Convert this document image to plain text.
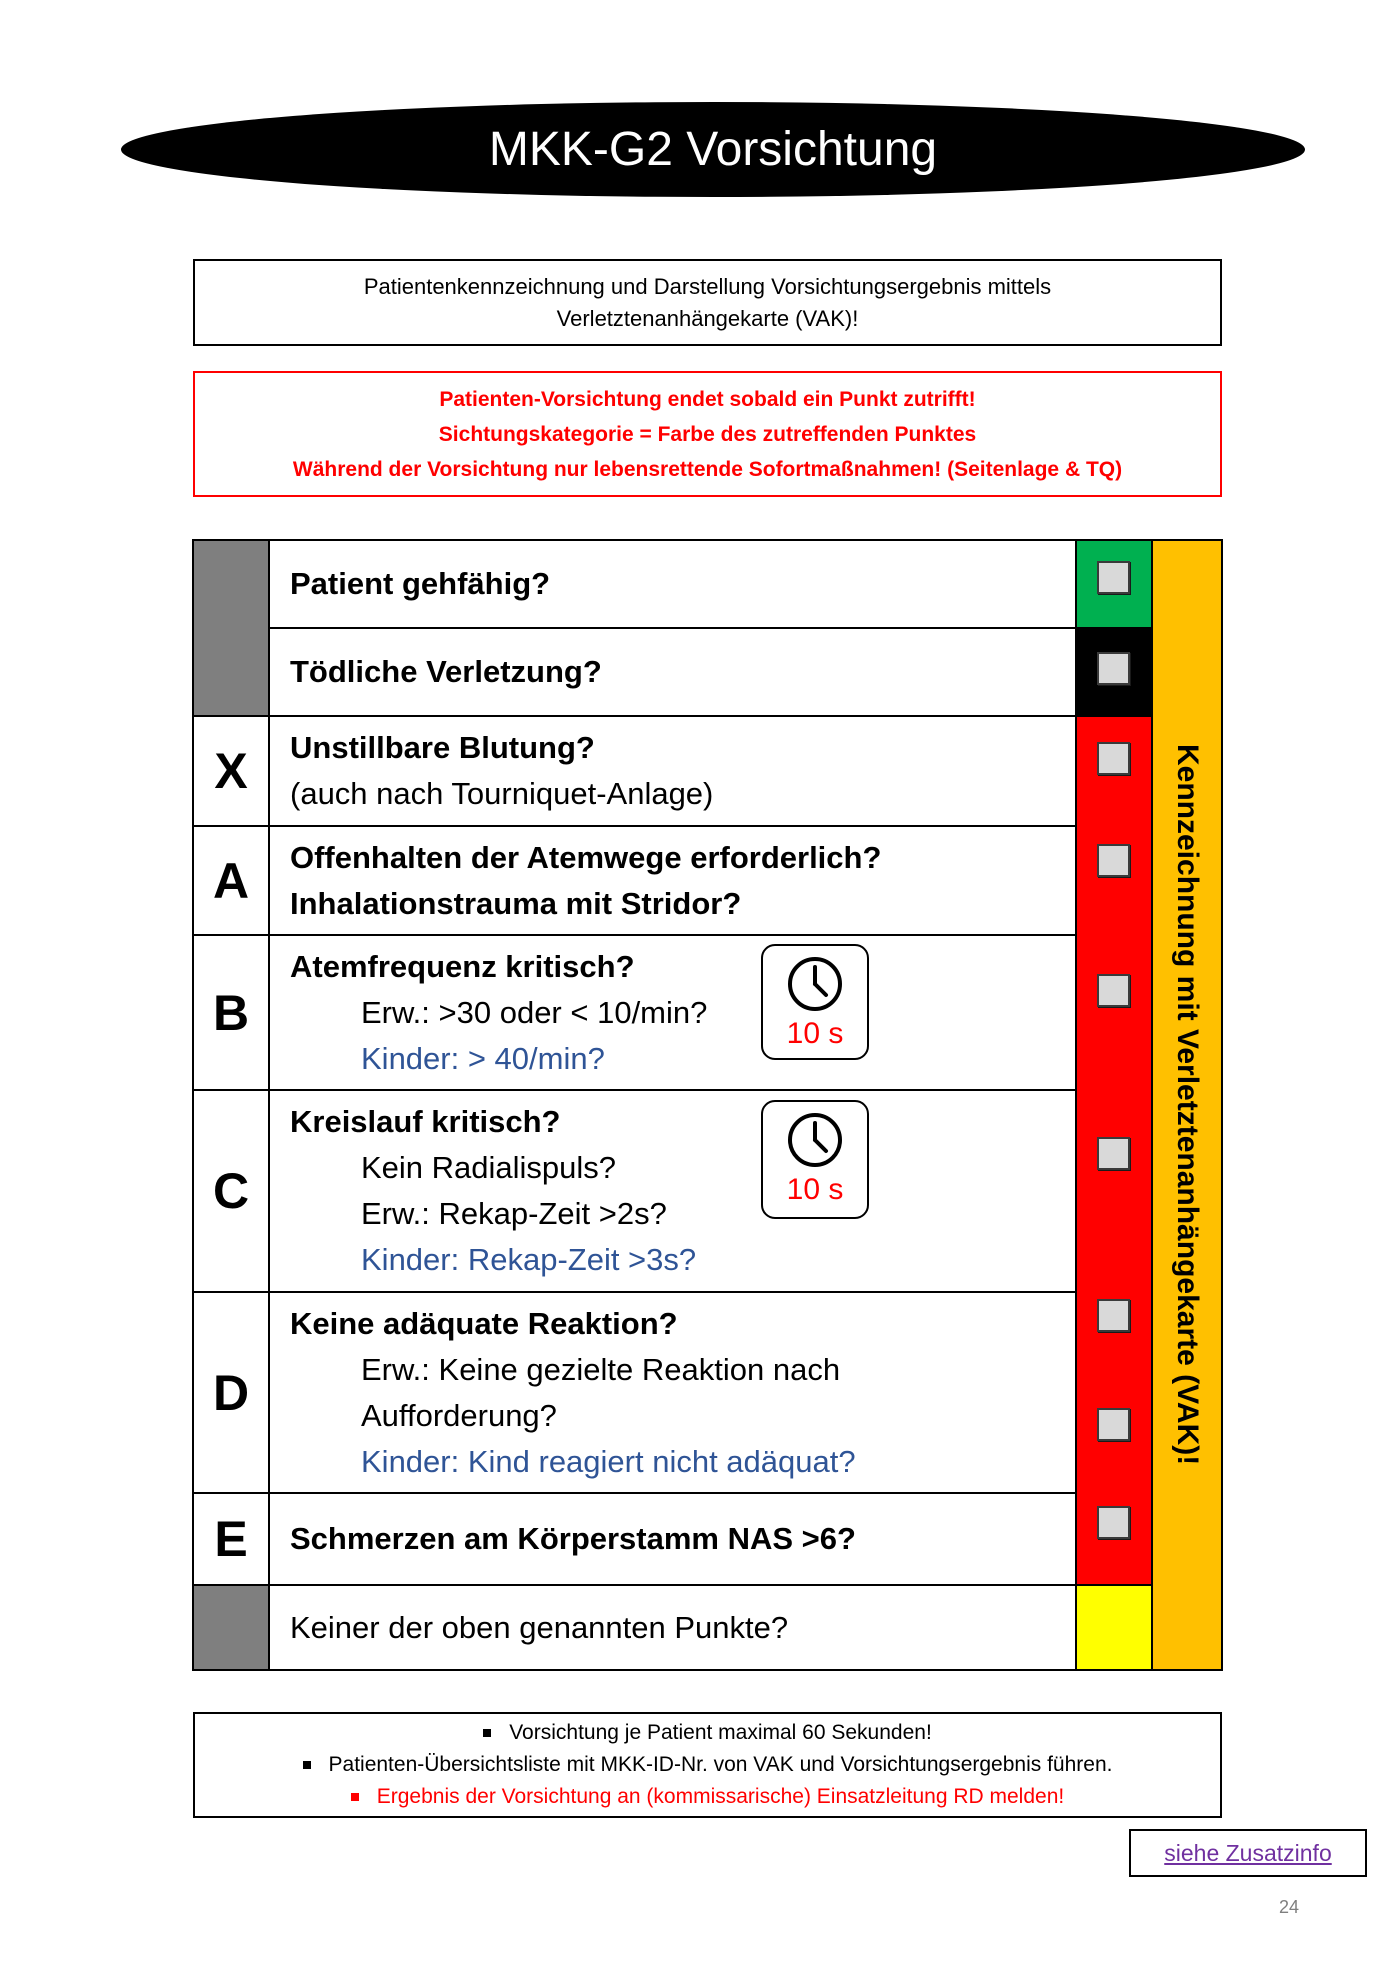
MKK-G2 Vorsichtung
Patientenkennzeichnung und Darstellung Vorsichtungsergebnis mittels
Verletztenanhängekarte (VAK)!
Patienten-Vorsichtung endet sobald ein Punkt zutrifft!
Sichtungskategorie = Farbe des zutreffenden Punktes
Während der Vorsichtung nur lebensrettende Sofortmaßnahmen! (Seitenlage & TQ)
X
A
B
C
D
E
Patient gehfähig?
Tödliche Verletzung?
Unstillbare Blutung?
(auch nach Tourniquet-Anlage)
Offenhalten der Atemwege erforderlich?
Inhalationstrauma mit Stridor?
Atemfrequenz kritisch?
Erw.: >30 oder < 10/min?
Kinder: > 40/min?
Kreislauf kritisch?
Kein Radialispuls?
Erw.: Rekap-Zeit >2s?
Kinder: Rekap-Zeit >3s?
Keine adäquate Reaktion?
Erw.: Keine gezielte Reaktion nach
Aufforderung?
Kinder: Kind reagiert nicht adäquat?
Schmerzen am Körperstamm NAS >6?
Keiner der oben genannten Punkte?
10 s
10 s	Kennzeichnung mit Verletztenanhängekarte (VAK)!
Vorsichtung je Patient maximal 60 Sekunden!
Patienten-Übersichtsliste mit MKK-ID-Nr. von VAK und Vorsichtungsergebnis führen.
Ergebnis der Vorsichtung an (kommissarische) Einsatzleitung RD melden!
siehe Zusatzinfo
24
